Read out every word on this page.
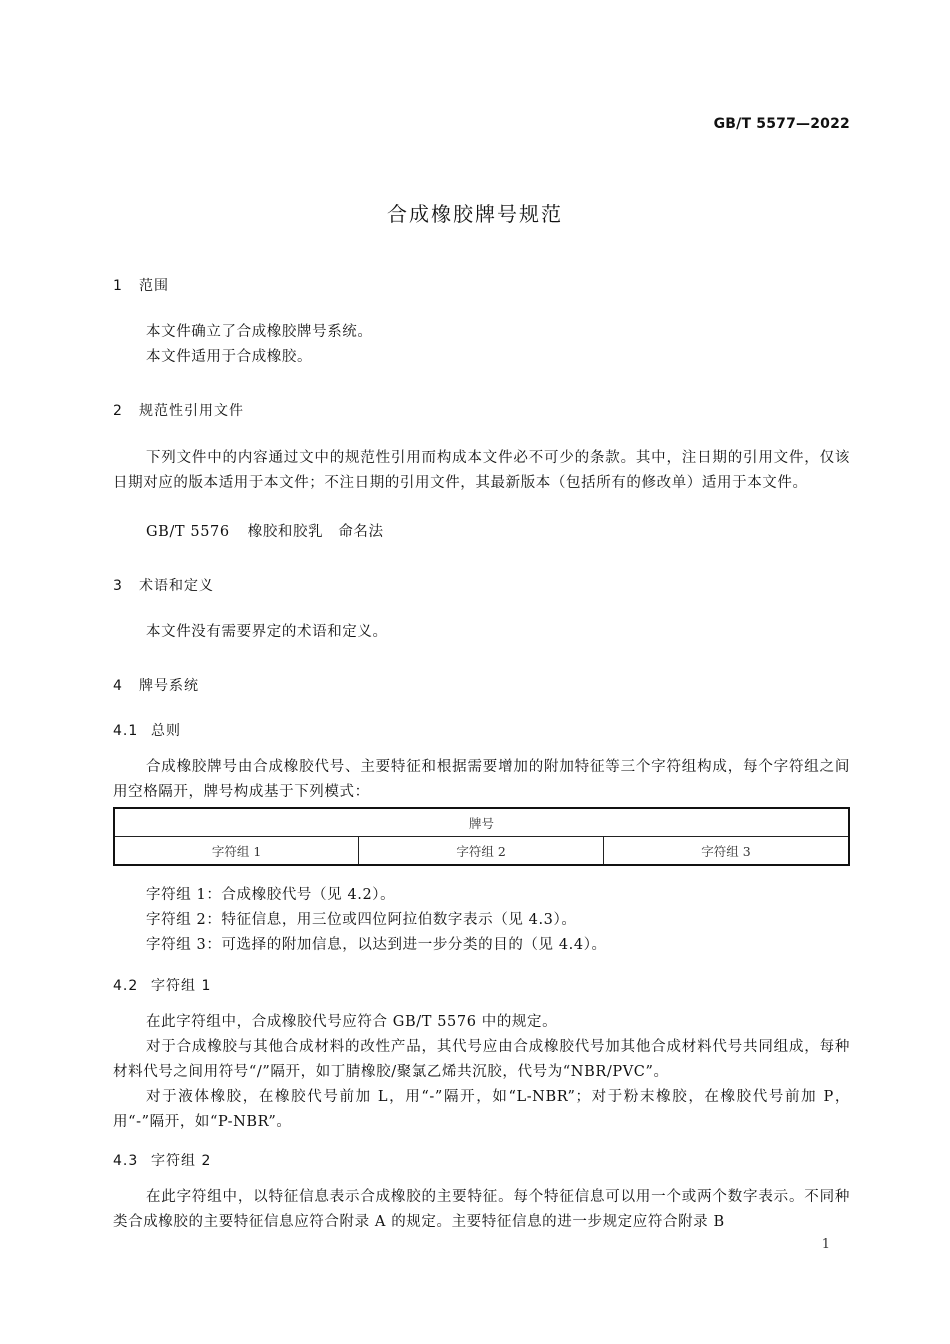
GB/T 5577—2022
合成橡胶牌号规范
1 范围
本文件确立了合成橡胶牌号系统。
本文件适用于合成橡胶。
2 规范性引用文件
下列文件中的内容通过文中的规范性引用而构成本文件必不可少的条款。其中，注日期的引用文件，仅该日期对应的版本适用于本文件；不注日期的引用文件，其最新版本（包括所有的修改单）适用于本文件。
GB/T 5576 橡胶和胶乳　命名法
3 术语和定义
本文件没有需要界定的术语和定义。
4 牌号系统
4.1 总则
合成橡胶牌号由合成橡胶代号、主要特征和根据需要增加的附加特征等三个字符组构成，每个字符组之间用空格隔开，牌号构成基于下列模式：
牌号
字符组 1	字符组 2	字符组 3
字符组 1：合成橡胶代号（见 4.2）。
字符组 2：特征信息，用三位或四位阿拉伯数字表示（见 4.3）。
字符组 3：可选择的附加信息，以达到进一步分类的目的（见 4.4）。
4.2 字符组 1
在此字符组中，合成橡胶代号应符合 GB/T 5576 中的规定。
对于合成橡胶与其他合成材料的改性产品，其代号应由合成橡胶代号加其他合成材料代号共同组成，每种材料代号之间用符号“/”隔开，如丁腈橡胶/聚氯乙烯共沉胶，代号为“NBR/PVC”。
对于液体橡胶，在橡胶代号前加 L，用“-”隔开，如“L-NBR”；对于粉末橡胶，在橡胶代号前加 P，用“-”隔开，如“P-NBR”。
4.3 字符组 2
在此字符组中，以特征信息表示合成橡胶的主要特征。每个特征信息可以用一个或两个数字表示。不同种类合成橡胶的主要特征信息应符合附录 A 的规定。主要特征信息的进一步规定应符合附录 B
1
